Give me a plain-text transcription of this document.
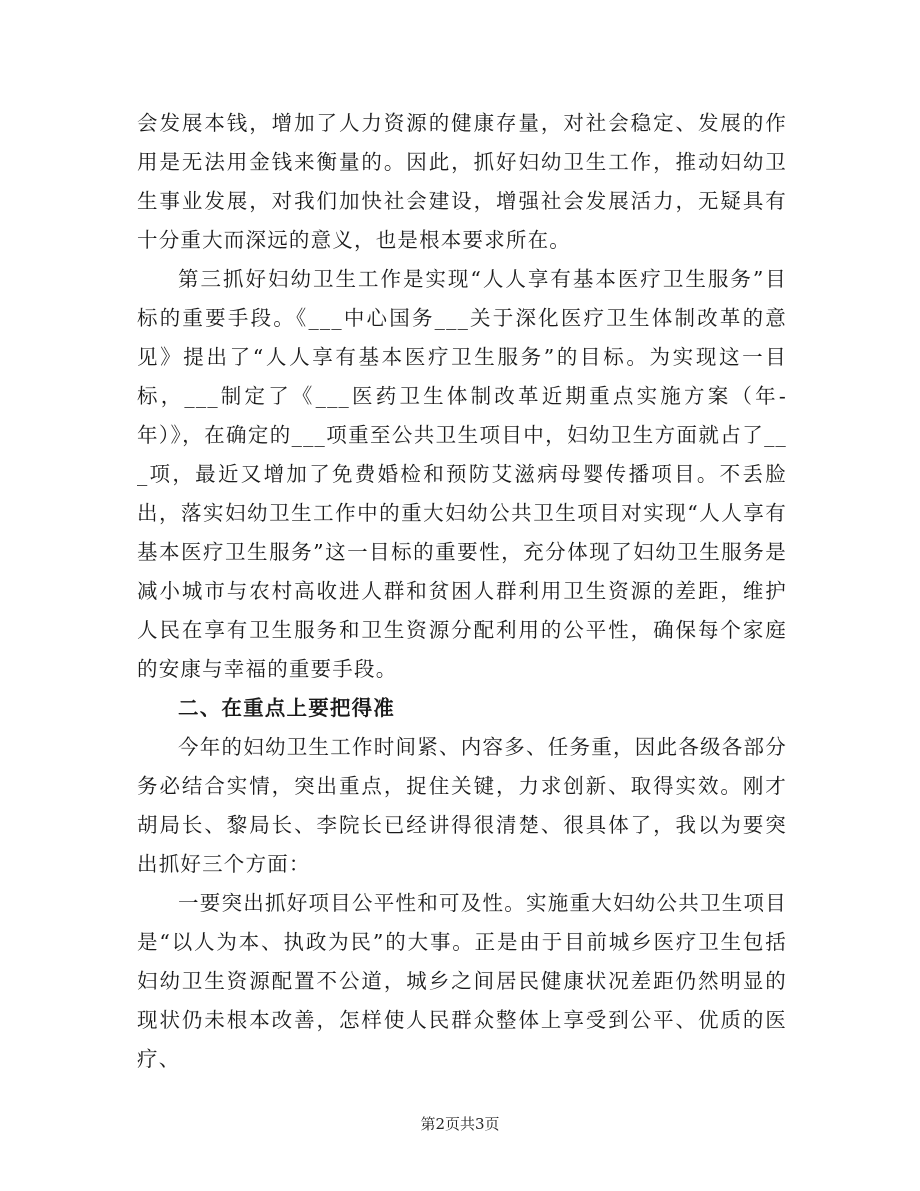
会发展本钱，增加了人力资源的健康存量，对社会稳定、发展的作用是无法用金钱来衡量的。因此，抓好妇幼卫生工作，推动妇幼卫生事业发展，对我们加快社会建设，增强社会发展活力，无疑具有十分重大而深远的意义，也是根本要求所在。

第三抓好妇幼卫生工作是实现“人人享有基本医疗卫生服务”目标的重要手段。《___中心国务___关于深化医疗卫生体制改革的意见》提出了“人人享有基本医疗卫生服务”的目标。为实现这一目标，___制定了《___医药卫生体制改革近期重点实施方案（年-年）》，在确定的___项重至公共卫生项目中，妇幼卫生方面就占了___项，最近又增加了免费婚检和预防艾滋病母婴传播项目。不丢脸出，落实妇幼卫生工作中的重大妇幼公共卫生项目对实现“人人享有基本医疗卫生服务”这一目标的重要性，充分体现了妇幼卫生服务是减小城市与农村高收进人群和贫困人群利用卫生资源的差距，维护人民在享有卫生服务和卫生资源分配利用的公平性，确保每个家庭的安康与幸福的重要手段。

二、在重点上要把得准

今年的妇幼卫生工作时间紧、内容多、任务重，因此各级各部分务必结合实情，突出重点，捉住关键，力求创新、取得实效。刚才胡局长、黎局长、李院长已经讲得很清楚、很具体了，我以为要突出抓好三个方面：

一要突出抓好项目公平性和可及性。实施重大妇幼公共卫生项目是“以人为本、执政为民”的大事。正是由于目前城乡医疗卫生包括妇幼卫生资源配置不公道，城乡之间居民健康状况差距仍然明显的现状仍未根本改善，怎样使人民群众整体上享受到公平、优质的医疗、

第2页共3页
